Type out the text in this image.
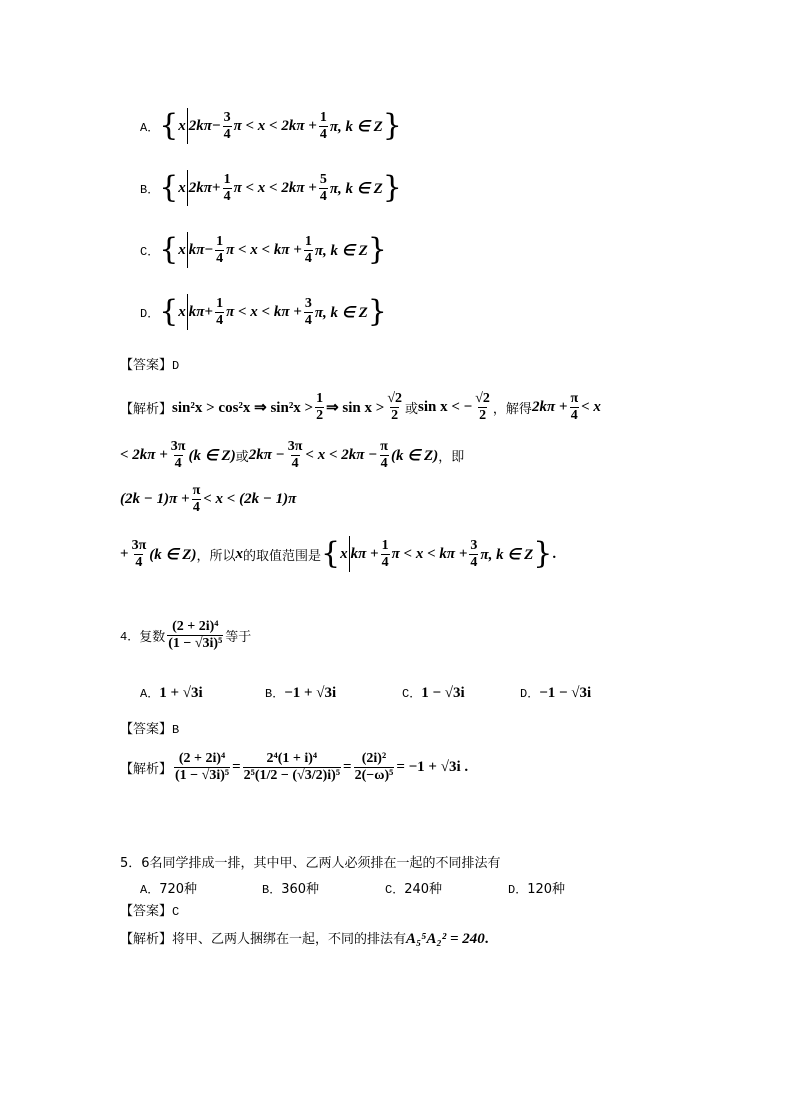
A． { x $2k\pi - \frac{3}{4}$ $\pi < x < 2k\pi + \frac{1}{4} \pi$, k ∈ Z }
B． { x $2k\pi + \frac{1}{4}$ $\pi < x < 2k\pi + \frac{5}{4} \pi$, k ∈ Z }
C． { x $k\pi - \frac{1}{4}$ $\pi < x < k\pi + \frac{1}{4} \pi$, k ∈ Z }
D． { x $k\pi + \frac{1}{4}$ $\pi < x < k\pi + \frac{3}{4} \pi$, k ∈ Z }
【答案】D
【解析】 sin²x > cos²x ⇒ $\sin^2x > \frac{1}{2}$ ⇒ $\sin x > \frac{√2}{2}$ 或 sin x < − $\frac{√2}{2}$ ，解得 $2k\pi + \frac{\pi}{4} < x$
< $2k\pi + \frac{3\pi}{4} (k$ ∈ Z) 或 $2k\pi - \frac{3\pi}{4} < x < 2k\pi - \frac{\pi}{4} (k$ ∈ Z) ，即
$(2k - 1)\pi + \frac{\pi}{4} < x < (2k - 1)\pi$
+ $\frac{3\pi}{4} (k$ ∈ Z) ，所以 x 的取值范围是 { x $k\pi + \frac{1}{4}$ $\pi < x < k\pi + \frac{3}{4} \pi$, k ∈ Z } .
4． 复数 $\frac{\text{(2 + 2i)⁴}}{\text{(1 − √3i)⁵}}$ 等于
A．1 + √3i	B．−1 + √3i	C．1 − √3i	D．−1 − √3i
【答案】B
【解析】 $\frac{\text{(2 + 2i)⁴}}{\text{(1 − √3i)⁵}} = \frac{\text{2⁴(1 + i)⁴}}{\text{2⁵(1/2 − (√3/2)i)⁵}} = \frac{\text{(2i)²}}{\text{2(−ω)⁵}} = -1 + √3i$ .
5．6名同学排成一排，其中甲、乙两人必须排在一起的不同排法有
A．720种	B．360种	C．240种	D．120种
【答案】C
【解析】将甲、乙两人捆绑在一起，不同的排法有A₅⁵A₂² = 240.
